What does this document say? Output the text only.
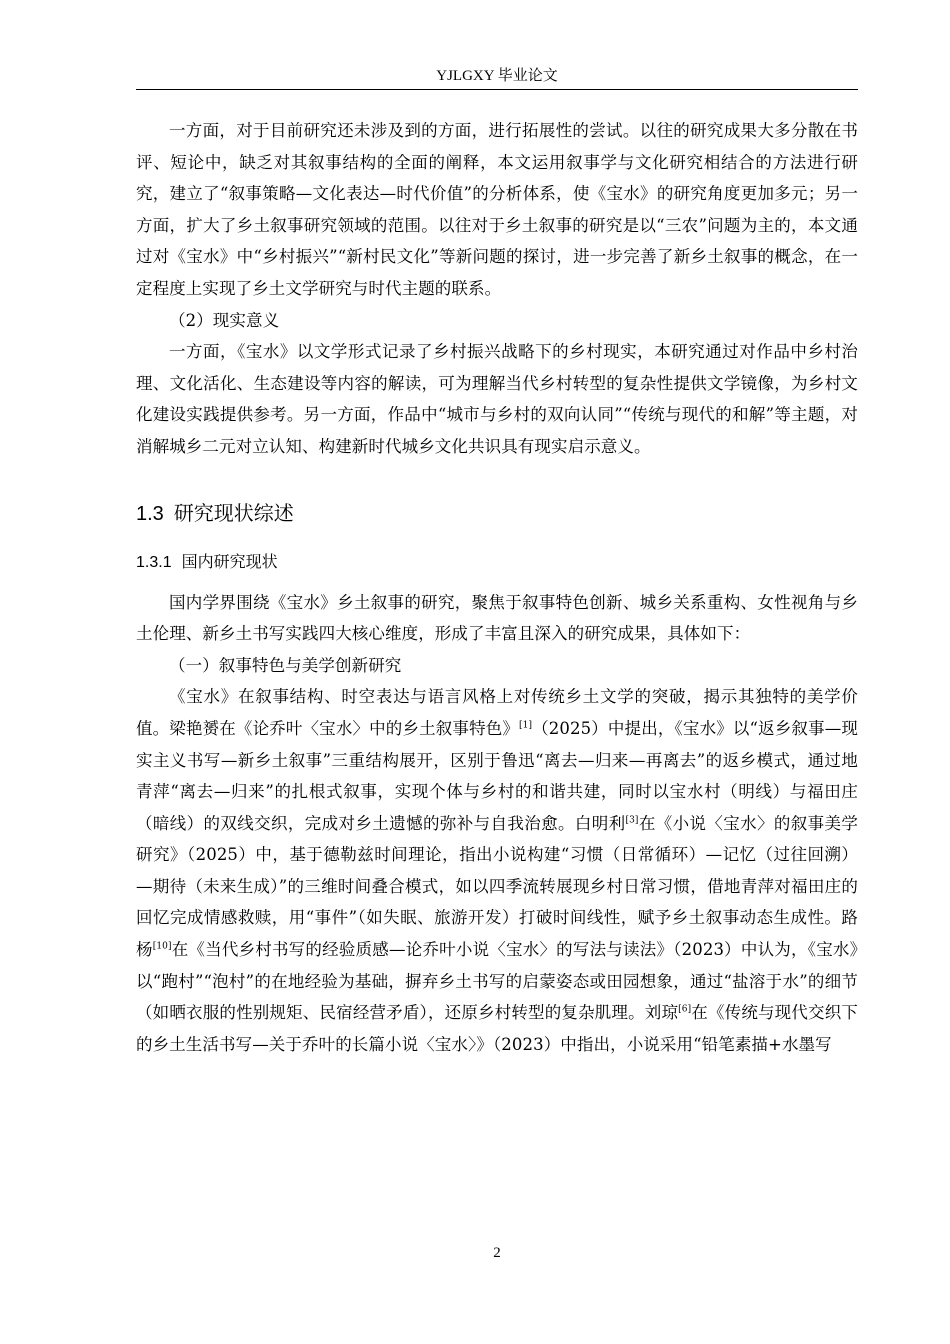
YJLGXY 毕业论文

一方面，对于目前研究还未涉及到的方面，进行拓展性的尝试。以往的研究成果大多分散在书评、短论中，缺乏对其叙事结构的全面的阐释，本文运用叙事学与文化研究相结合的方法进行研究，建立了“叙事策略—文化表达—时代价值”的分析体系，使《宝水》的研究角度更加多元；另一方面，扩大了乡土叙事研究领域的范围。以往对于乡土叙事的研究是以“三农”问题为主的，本文通过对《宝水》中“乡村振兴”“新村民文化”等新问题的探讨，进一步完善了新乡土叙事的概念，在一定程度上实现了乡土文学研究与时代主题的联系。

（2）现实意义

一方面，《宝水》以文学形式记录了乡村振兴战略下的乡村现实，本研究通过对作品中乡村治理、文化活化、生态建设等内容的解读，可为理解当代乡村转型的复杂性提供文学镜像，为乡村文化建设实践提供参考。另一方面，作品中“城市与乡村的双向认同”“传统与现代的和解”等主题，对消解城乡二元对立认知、构建新时代城乡文化共识具有现实启示意义。

1.3 研究现状综述
1.3.1 国内研究现状

国内学界围绕《宝水》乡土叙事的研究，聚焦于叙事特色创新、城乡关系重构、女性视角与乡土伦理、新乡土书写实践四大核心维度，形成了丰富且深入的研究成果，具体如下：

（一）叙事特色与美学创新研究

《宝水》在叙事结构、时空表达与语言风格上对传统乡土文学的突破，揭示其独特的美学价值。梁艳赟在《论乔叶〈宝水〉中的乡土叙事特色》[1]（2025）中提出，《宝水》以“返乡叙事—现实主义书写—新乡土叙事”三重结构展开，区别于鲁迅“离去—归来—再离去”的返乡模式，通过地青萍“离去—归来”的扎根式叙事，实现个体与乡村的和谐共建，同时以宝水村（明线）与福田庄（暗线）的双线交织，完成对乡土遗憾的弥补与自我治愈。白明利[3]在《小说〈宝水〉的叙事美学研究》（2025）中，基于德勒兹时间理论，指出小说构建“习惯（日常循环）—记忆（过往回溯）—期待（未来生成）”的三维时间叠合模式，如以四季流转展现乡村日常习惯，借地青萍对福田庄的回忆完成情感救赎，用“事件”（如失眠、旅游开发）打破时间线性，赋予乡土叙事动态生成性。路杨[10]在《当代乡村书写的经验质感—论乔叶小说〈宝水〉的写法与读法》（2023）中认为，《宝水》以“跑村”“泡村”的在地经验为基础，摒弃乡土书写的启蒙姿态或田园想象，通过“盐溶于水”的细节（如晒衣服的性别规矩、民宿经营矛盾），还原乡村转型的复杂肌理。刘琼[6]在《传统与现代交织下的乡土生活书写—关于乔叶的长篇小说〈宝水〉》（2023）中指出，小说采用“铅笔素描+水墨写

2
